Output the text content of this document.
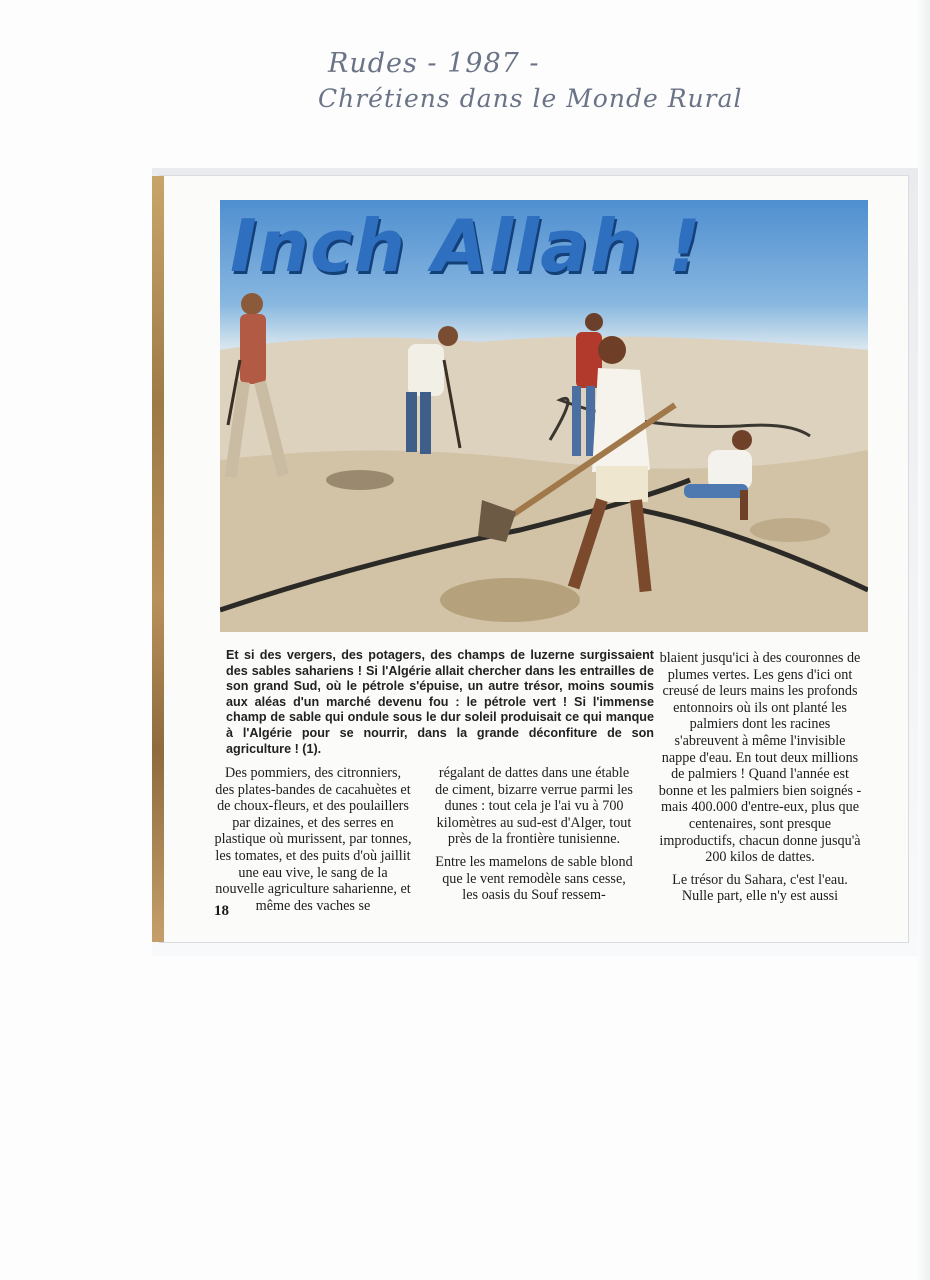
Rudes - 1987 -
Chrétiens dans le Monde Rural
Inch Allah !
Et si des vergers, des potagers, des champs de luzerne surgissaient des sables sahariens ! Si l'Algérie allait chercher dans les entrailles de son grand Sud, où le pétrole s'épuise, un autre trésor, moins soumis aux aléas d'un marché devenu fou : le pétrole vert ! Si l'immense champ de sable qui ondule sous le dur soleil produisait ce qui manque à l'Algérie pour se nourrir, dans la grande déconfiture de son agriculture ! (1).

Des pommiers, des citronniers, des plates-bandes de cacahuètes et de choux-fleurs, et des poulaillers par dizaines, et des serres en plastique où murissent, par tonnes, les tomates, et des puits d'où jaillit une eau vive, le sang de la nouvelle agriculture saharienne, et même des vaches se

régalant de dattes dans une étable de ciment, bizarre verrue parmi les dunes : tout cela je l'ai vu à 700 kilomètres au sud-est d'Alger, tout près de la frontière tunisienne.

Entre les mamelons de sable blond que le vent remodèle sans cesse, les oasis du Souf ressem-

blaient jusqu'ici à des couronnes de plumes vertes. Les gens d'ici ont creusé de leurs mains les profonds entonnoirs où ils ont planté les palmiers dont les racines s'abreuvent à même l'invisible nappe d'eau. En tout deux millions de palmiers ! Quand l'année est bonne et les palmiers bien soignés - mais 400.000 d'entre-eux, plus que centenaires, sont presque improductifs, chacun donne jusqu'à 200 kilos de dattes.

Le trésor du Sahara, c'est l'eau. Nulle part, elle n'y est aussi

18
